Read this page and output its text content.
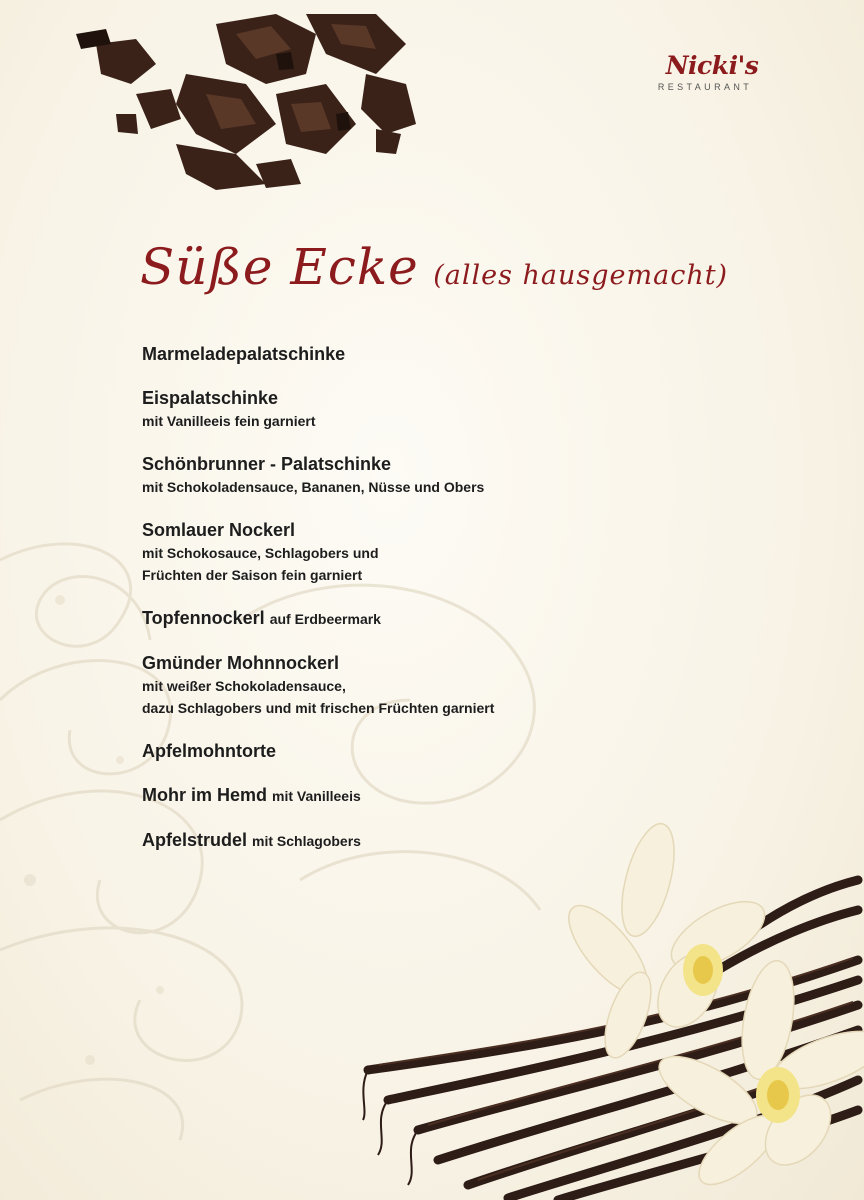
Nicki's
RESTAURANT
Süße Ecke (alles hausgemacht)
Marmeladepalatschinke
Eispalatschinke
mit Vanilleeis fein garniert
Schönbrunner - Palatschinke
mit Schokoladensauce, Bananen, Nüsse und Obers
Somlauer Nockerl
mit Schokosauce, Schlagobers und
Früchten der Saison fein garniert
Topfennockerl auf Erdbeermark
Gmünder Mohnnockerl
mit weißer Schokoladensauce,
dazu Schlagobers und mit frischen Früchten garniert
Apfelmohntorte
Mohr im Hemd mit Vanilleeis
Apfelstrudel mit Schlagobers
